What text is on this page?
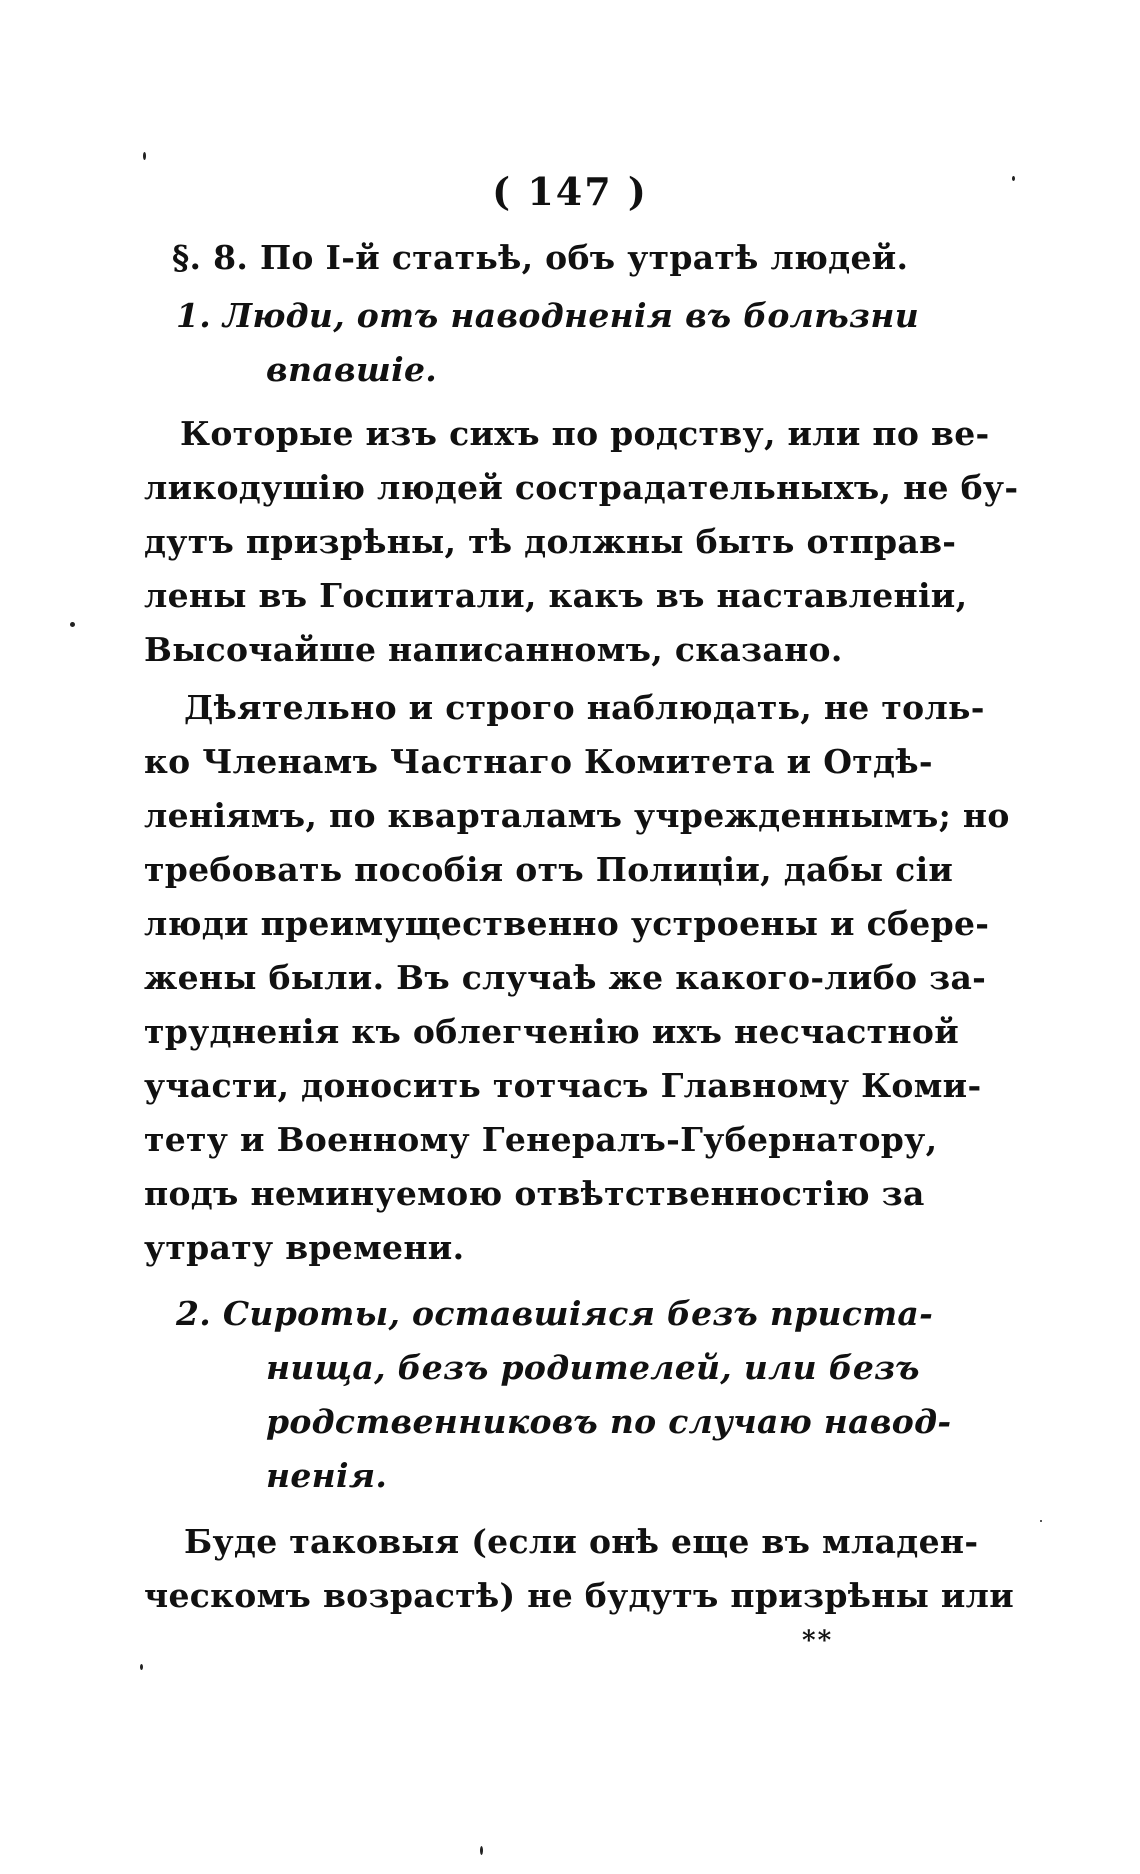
( 147 )
§. 8. По I-й статьѣ, объ утратѣ людей.
1. Люди, отъ наводненія въ болѣзни
впавшіе.
Которые изъ сихъ по родству, или по ве-
ликодушію людей сострадательныхъ, не бу-
дутъ призрѣны, тѣ должны быть отправ-
лены въ Госпитали, какъ въ наставленіи,
Высочайше написанномъ, сказано.
Дѣятельно и строго наблюдать, не толь-
ко Членамъ Частнаго Комитета и Отдѣ-
леніямъ, по кварталамъ учрежденнымъ; но
требовать пособія отъ Полиціи, дабы сіи
люди преимущественно устроены и сбере-
жены были. Въ случаѣ же какого-либо за-
трудненія къ облегченію ихъ несчастной
участи, доносить тотчасъ Главному Коми-
тету и Военному Генералъ-Губернатору,
подъ неминуемою отвѣтственностію за
утрату времени.
2. Сироты, оставшіяся безъ приста-
нища, безъ родителей, или безъ
родственниковъ по случаю навод-
ненія.
Буде таковыя (если онѣ еще въ младен-
ческомъ возрастѣ) не будутъ призрѣны или
**
